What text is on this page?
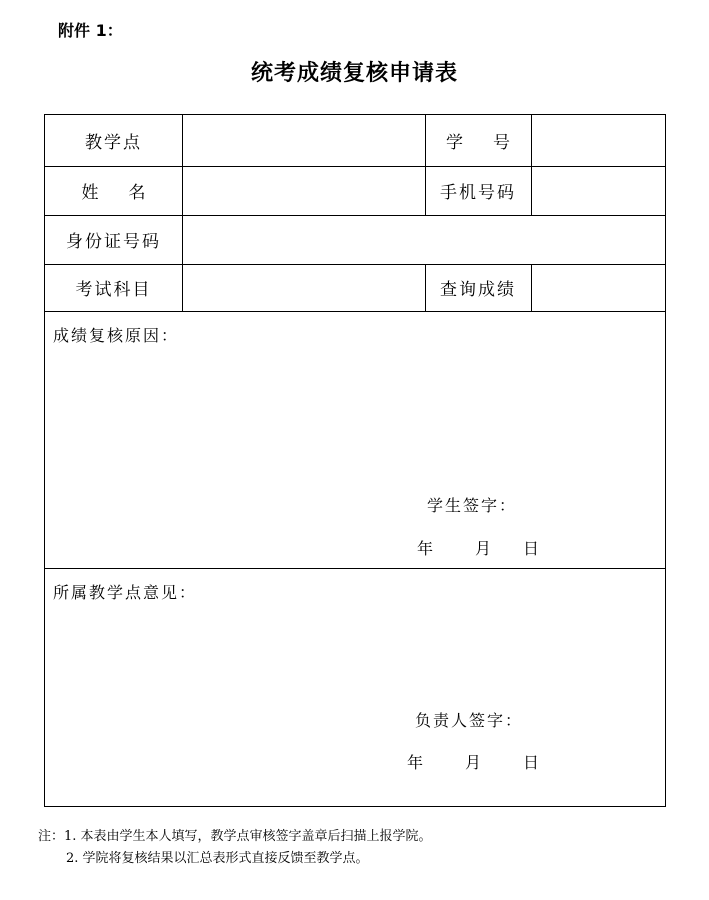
附件 1：
统考成绩复核申请表
教学点	学号
姓名	手机号码
身份证号码
考试科目	查询成绩
成绩复核原因：
学生签字：
年	月 日
所属教学点意见：
负责人签字：
年	月	日
注：1. 本表由学生本人填写，教学点审核签字盖章后扫描上报学院。
2. 学院将复核结果以汇总表形式直接反馈至教学点。
